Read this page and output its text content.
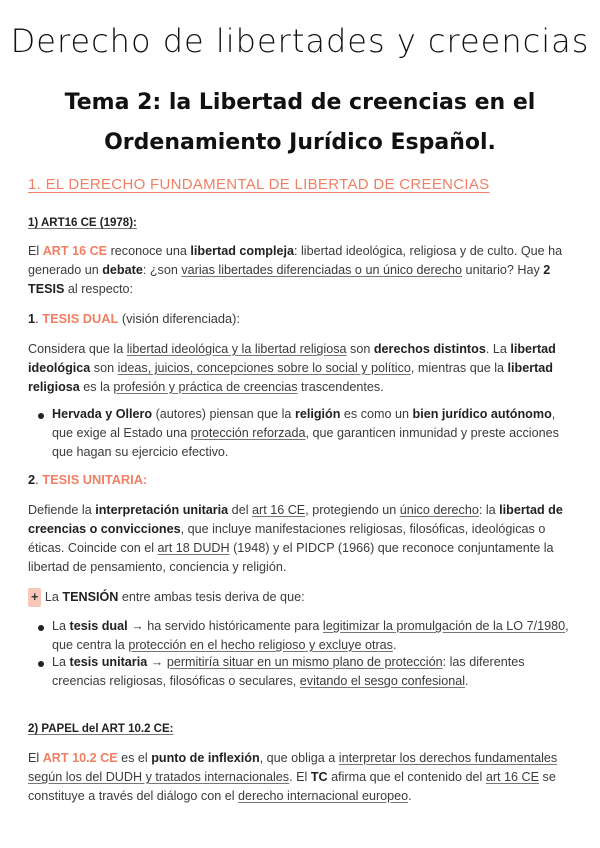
Derecho de libertades y creencias
Tema 2: la Libertad de creencias en el
Ordenamiento Jurídico Español.
1. EL DERECHO FUNDAMENTAL DE LIBERTAD DE CREENCIAS
1) ART16 CE (1978):
El ART 16 CE reconoce una libertad compleja: libertad ideológica, religiosa y de culto. Que ha generado un debate: ¿son varias libertades diferenciadas o un único derecho unitario? Hay 2 TESIS al respecto:
1. TESIS DUAL (visión diferenciada):
Considera que la libertad ideológica y la libertad religiosa son derechos distintos. La libertad ideológica son ideas, juicios, concepciones sobre lo social y político, mientras que la libertad religiosa es la profesión y práctica de creencias trascendentes.
Hervada y Ollero (autores) piensan que la religión es como un bien jurídico autónomo, que exige al Estado una protección reforzada, que garanticen inmunidad y preste acciones que hagan su ejercicio efectivo.
2. TESIS UNITARIA:
Defiende la interpretación unitaria del art 16 CE, protegiendo un único derecho: la libertad de creencias o convicciones, que incluye manifestaciones religiosas, filosóficas, ideológicas o éticas. Coincide con el art 18 DUDH (1948) y el PIDCP (1966) que reconoce conjuntamente la libertad de pensamiento, conciencia y religión.
+ La TENSIÓN entre ambas tesis deriva de que:
La tesis dual → ha servido históricamente para legitimizar la promulgación de la LO 7/1980, que centra la protección en el hecho religioso y excluye otras.
La tesis unitaria → permitiría situar en un mismo plano de protección: las diferentes creencias religiosas, filosóficas o seculares, evitando el sesgo confesional.
2) PAPEL del ART 10.2 CE:
El ART 10.2 CE es el punto de inflexión, que obliga a interpretar los derechos fundamentales según los del DUDH y tratados internacionales. El TC afirma que el contenido del art 16 CE se constituye a través del diálogo con el derecho internacional europeo.
